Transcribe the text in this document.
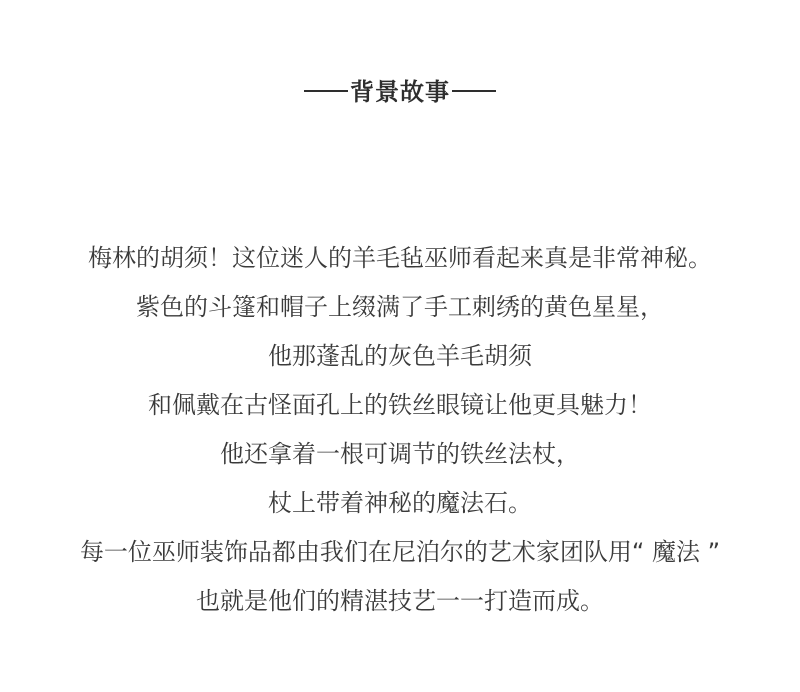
背景故事
梅林的胡须！这位迷人的羊毛毡巫师看起来真是非常神秘。
紫色的斗篷和帽子上缀满了手工刺绣的黄色星星，
他那蓬乱的灰色羊毛胡须
和佩戴在古怪面孔上的铁丝眼镜让他更具魅力！
他还拿着一根可调节的铁丝法杖，
杖上带着神秘的魔法石。
每一位巫师装饰品都由我们在尼泊尔的艺术家团队用“ 魔法 ”
也就是他们的精湛技艺一一打造而成。
